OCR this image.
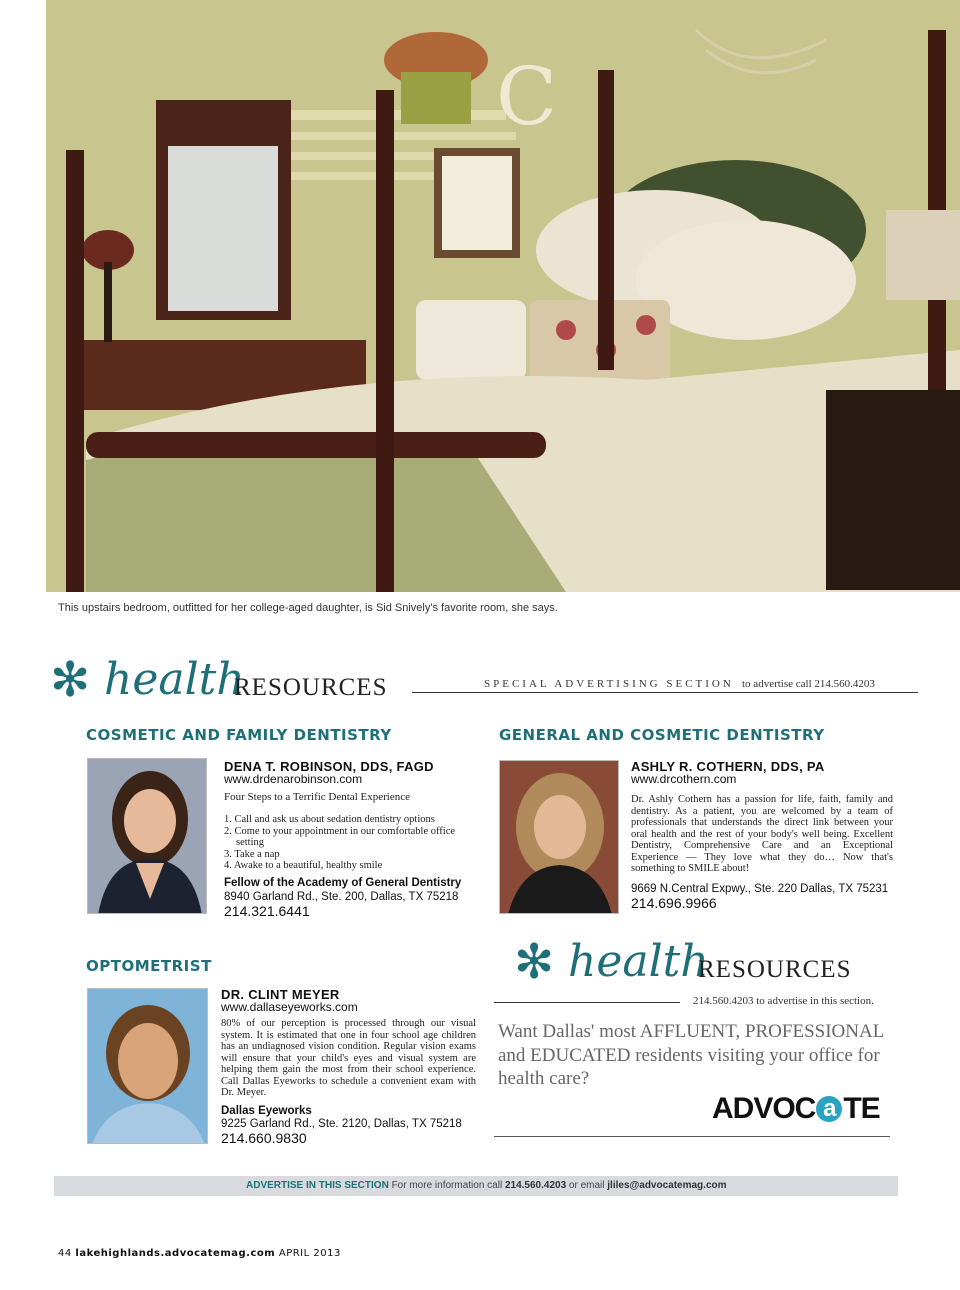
C
This upstairs bedroom, outfitted for her college-aged daughter, is Sid Snively's favorite room, she says.
✻ health
RESOURCES	SPECIAL ADVERTISING SECTION to advertise call 214.560.4203
COSMETIC AND FAMILY DENTISTRY
DENA T. ROBINSON, DDS, FAGD
www.drdenarobinson.com
Four Steps to a Terrific Dental Experience
1. Call and ask us about sedation dentistry options
2. Come to your appointment in our comfortable office
setting
3. Take a nap
4. Awake to a beautiful, healthy smile
Fellow of the Academy of General Dentistry
8940 Garland Rd., Ste. 200, Dallas, TX 75218
214.321.6441
GENERAL AND COSMETIC DENTISTRY
ASHLY R. COTHERN, DDS, PA
www.drcothern.com
Dr. Ashly Cothern has a passion for life, faith, family and dentistry. As a patient, you are welcomed by a team of professionals that understands the direct link between your oral health and the rest of your body's well being. Excellent Dentistry, Comprehensive Care and an Exceptional Experience — They love what they do… Now that's something to SMILE about!
9669 N.Central Expwy., Ste. 220 Dallas, TX 75231
214.696.9966
OPTOMETRIST
DR. CLINT MEYER
www.dallaseyeworks.com
80% of our perception is processed through our visual system. It is estimated that one in four school age children has an undiagnosed vision condition. Regular vision exams will ensure that your child's eyes and visual system are helping them gain the most from their school experience. Call Dallas Eyeworks to schedule a convenient exam with Dr. Meyer.
Dallas Eyeworks
9225 Garland Rd., Ste. 2120, Dallas, TX 75218
214.660.9830
✻ health
RESOURCES
214.560.4203 to advertise in this section.
Want Dallas' most AFFLUENT, PROFESSIONAL and EDUCATED residents visiting your office for health care?
ADVOC a TE
ADVERTISE IN THIS SECTION For more information call 214.560.4203 or email jliles@advocatemag.com
44 lakehighlands.advocatemag.com APRIL 2013
